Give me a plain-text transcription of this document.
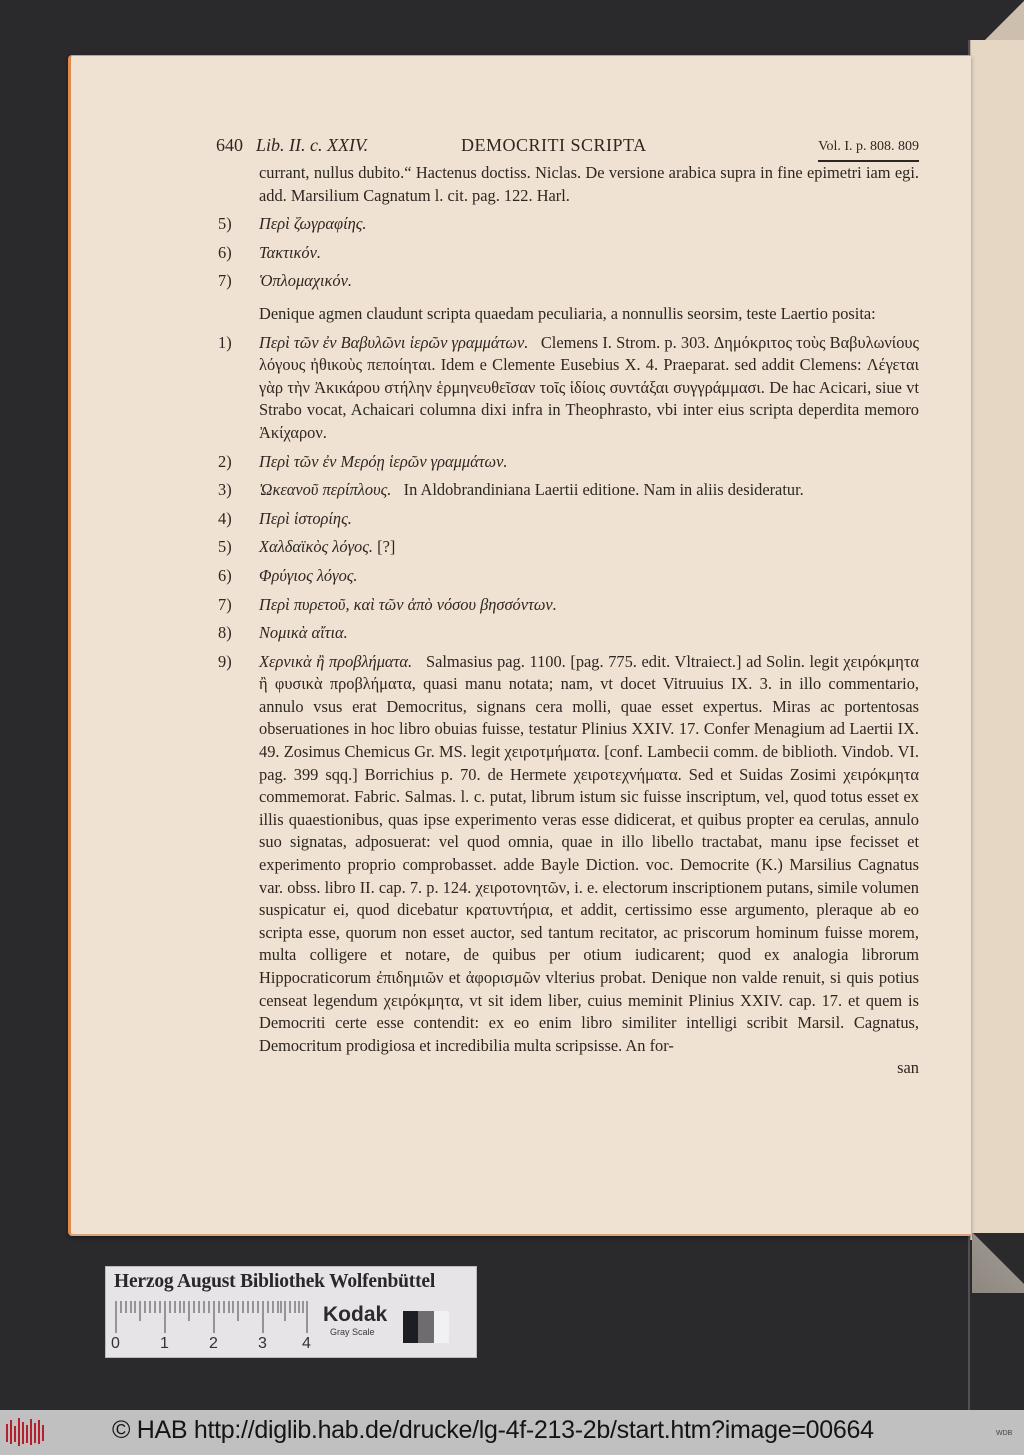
640 Lib. II. c. XXIV.	DEMOCRITI SCRIPTA	Vol. I. p. 808. 809

currant, nullus dubito.“ Hactenus doctiss. Niclas. De versione arabica supra in fine epimetri iam egi. add. Marsilium Cagnatum l. cit. pag. 122. Harl.

5) Περὶ ζωγραφίης.
6) Τακτικόν.
7) Ὁπλομαχικόν.

Denique agmen claudunt scripta quaedam peculiaria, a nonnullis seorsim, teste Laertio posita:

1) Περὶ τῶν ἐν Βαβυλῶνι ἱερῶν γραμμάτων. Clemens I. Strom. p. 303. Δημόκριτος τοὺς Βαβυλωνίους λόγους ἠθικοὺς πεποίηται. Idem e Clemente Eusebius X. 4. Praeparat. sed addit Clemens: Λέγεται γὰρ τὴν Ἀκικάρου στήλην ἑρμηνευθεῖσαν τοῖς ἰδίοις συντάξαι συγγράμμασι. De hac Acicari, siue vt Strabo vocat, Achaicari columna dixi infra in Theophrasto, vbi inter eius scripta deperdita memoro Ἀκίχαρον.
2) Περὶ τῶν ἐν Μερόῃ ἱερῶν γραμμάτων.
3) Ὠκεανοῦ περίπλους. In Aldobrandiniana Laertii editione. Nam in aliis desideratur.
4) Περὶ ἱστορίης.
5) Χαλδαϊκὸς λόγος. [?]
6) Φρύγιος λόγος.
7) Περὶ πυρετοῦ, καὶ τῶν ἀπὸ νόσου βησσόντων.
8) Νομικὰ αἴτια.
9) Χερνικὰ ἢ προβλήματα. Salmasius pag. 1100. [pag. 775. edit. Vltraiect.] ad Solin. legit χειρόκμητα ἢ φυσικὰ προβλήματα, quasi manu notata; nam, vt docet Vitruuius IX. 3. in illo commentario, annulo vsus erat Democritus, signans cera molli, quae esset expertus. Miras ac portentosas obseruationes in hoc libro obuias fuisse, testatur Plinius XXIV. 17. Confer Menagium ad Laertii IX. 49. Zosimus Chemicus Gr. MS. legit χειροτμήματα. [conf. Lambecii comm. de biblioth. Vindob. VI. pag. 399 sqq.] Borrichius p. 70. de Hermete χειροτεχνήματα. Sed et Suidas Zosimi χειρόκμητα commemorat. Fabric. Salmas. l. c. putat, librum istum sic fuisse inscriptum, vel, quod totus esset ex illis quaestionibus, quas ipse experimento veras esse didicerat, et quibus propter ea cerulas, annulo suo signatas, adposuerat: vel quod omnia, quae in illo libello tractabat, manu ipse fecisset et experimento proprio comprobasset. adde Bayle Diction. voc. Democrite (K.) Marsilius Cagnatus var. obss. libro II. cap. 7. p. 124. χειροτονητῶν, i. e. electorum inscriptionem putans, simile volumen suspicatur ei, quod dicebatur κρατυντήρια, et addit, certissimo esse argumento, pleraque ab eo scripta esse, quorum non esset auctor, sed tantum recitator, ac priscorum hominum fuisse morem, multa colligere et notare, de quibus per otium iudicarent; quod ex analogia librorum Hippocraticorum ἐπιδημιῶν et ἀφορισμῶν vlterius probat. Denique non valde renuit, si quis potius censeat legendum χειρόκμητα, vt sit idem liber, cuius meminit Plinius XXIV. cap. 17. et quem is Democriti certe esse contendit: ex eo enim libro similiter intelligi scribit Marsil. Cagnatus, Democritum prodigiosa et incredibilia multa scripsisse. An for-
san
Herzog August Bibliothek Wolfenbüttel
0	1	2	3 4
Kodak
Gray Scale
© HAB http://diglib.hab.de/drucke/lg-4f-213-2b/start.htm?image=00664	WDB
